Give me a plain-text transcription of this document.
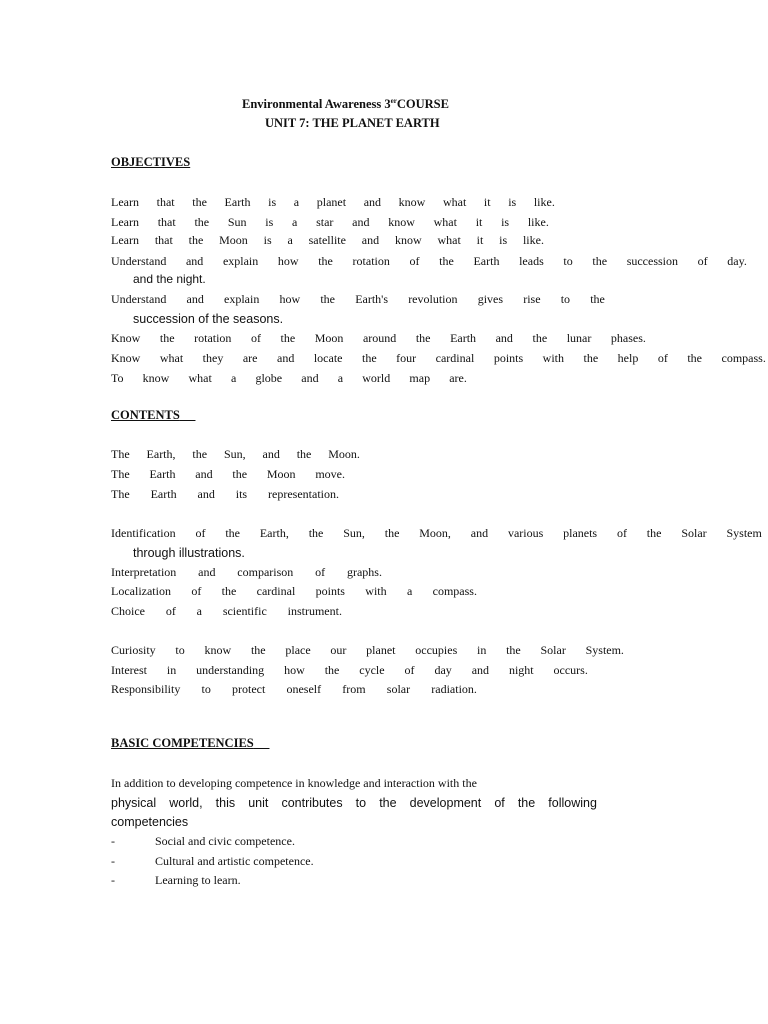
Environmental Awareness 3erCOURSE
UNIT 7: THE PLANET EARTH
OBJECTIVES
Learn that the Earth is a planet and know what it is like.
Learn that the Sun is a star and know what it is like.
Learn that the Moon is a satellite and know what it is like.
Understand and explain how the rotation of the Earth leads to the succession of day.
and the night.
Understand and explain how the Earth's revolution gives rise to the
succession of the seasons.
Know the rotation of the Moon around the Earth and the lunar phases.
Know what they are and locate the four cardinal points with the help of the compass.
To know what a globe and a world map are.
CONTENTS
The Earth, the Sun, and the Moon.
The Earth and the Moon move.
The Earth and its representation.
Identification of the Earth, the Sun, the Moon, and various planets of the Solar System
through illustrations.
Interpretation and comparison of graphs.
Localization of the cardinal points with a compass.
Choice of a scientific instrument.
Curiosity to know the place our planet occupies in the Solar System.
Interest in understanding how the cycle of day and night occurs.
Responsibility to protect oneself from solar radiation.
BASIC COMPETENCIES
In addition to developing competence in knowledge and interaction with the
physical world, this unit contributes to the development of the following
competencies
-	Social and civic competence.
-	Cultural and artistic competence.
-	Learning to learn.
